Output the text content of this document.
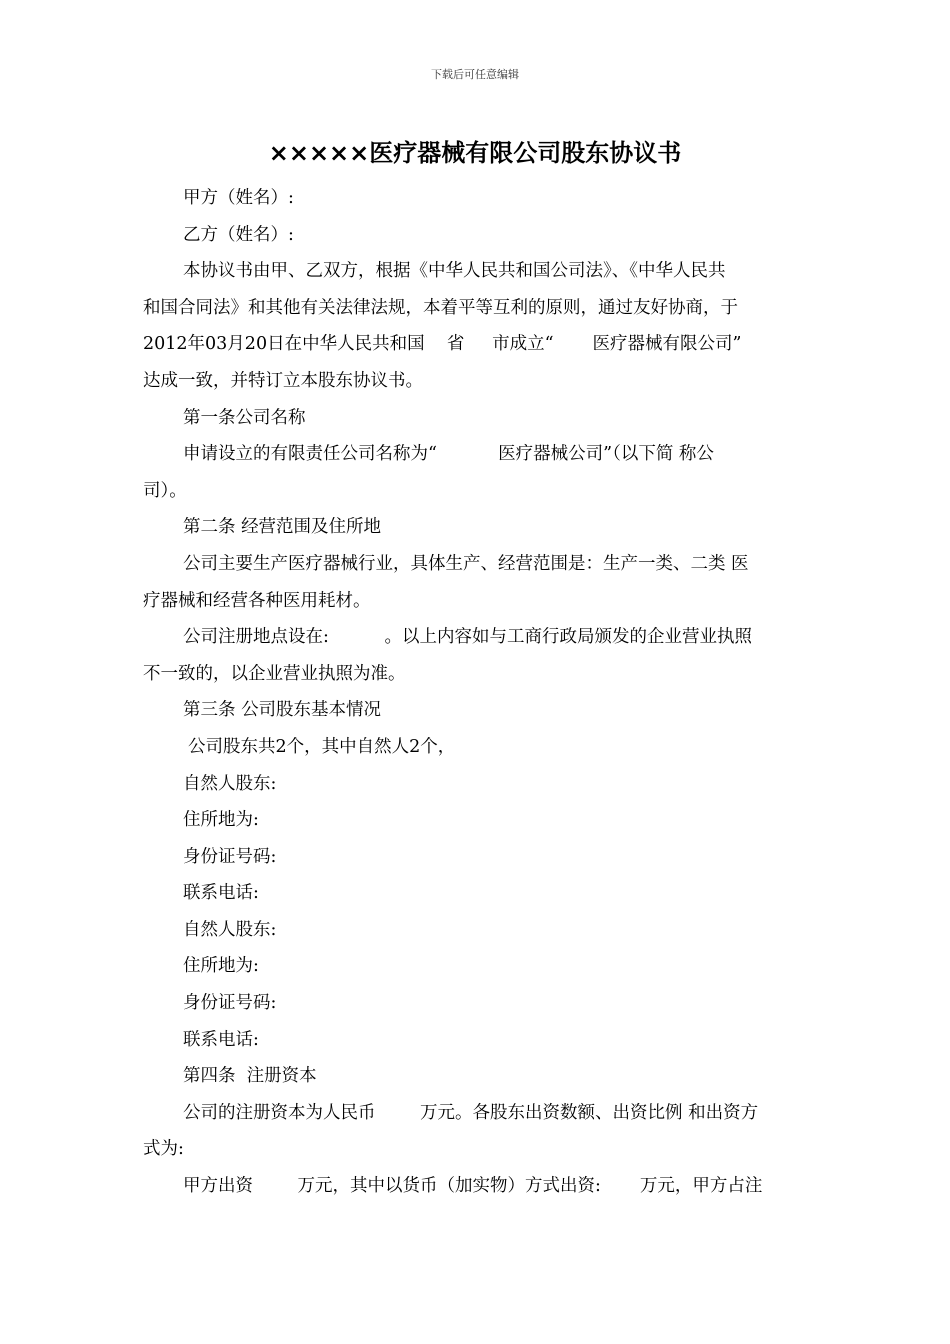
下载后可任意编辑
×××××医疗器械有限公司股东协议书
甲方（姓名）:
乙方（姓名）:
本协议书由甲、乙双方，根据《中华人民共和国公司法》、《中华人民共
和国合同法》和其他有关法律法规，本着平等互利的原则，通过友好协商，于
2012年03月20日在中华人民共和国    省     市成立“       医疗器械有限公司”
达成一致，并特订立本股东协议书。
第一条公司名称
申请设立的有限责任公司名称为“           医疗器械公司”（以下简 称公
司）。
第二条 经营范围及住所地
公司主要生产医疗器械行业，具体生产、经营范围是：生产一类、二类 医
疗器械和经营各种医用耗材。
公司注册地点设在:          。以上内容如与工商行政局颁发的企业营业执照
不一致的，以企业营业执照为准。
第三条 公司股东基本情况
公司股东共2个，其中自然人2个，
自然人股东:
住所地为:
身份证号码:
联系电话:
自然人股东:
住所地为:
身份证号码:
联系电话:
第四条  注册资本
公司的注册资本为人民币        万元。各股东出资数额、出资比例 和出资方
式为:
甲方出资        万元，其中以货币（加实物）方式出资:       万元，甲方占注
